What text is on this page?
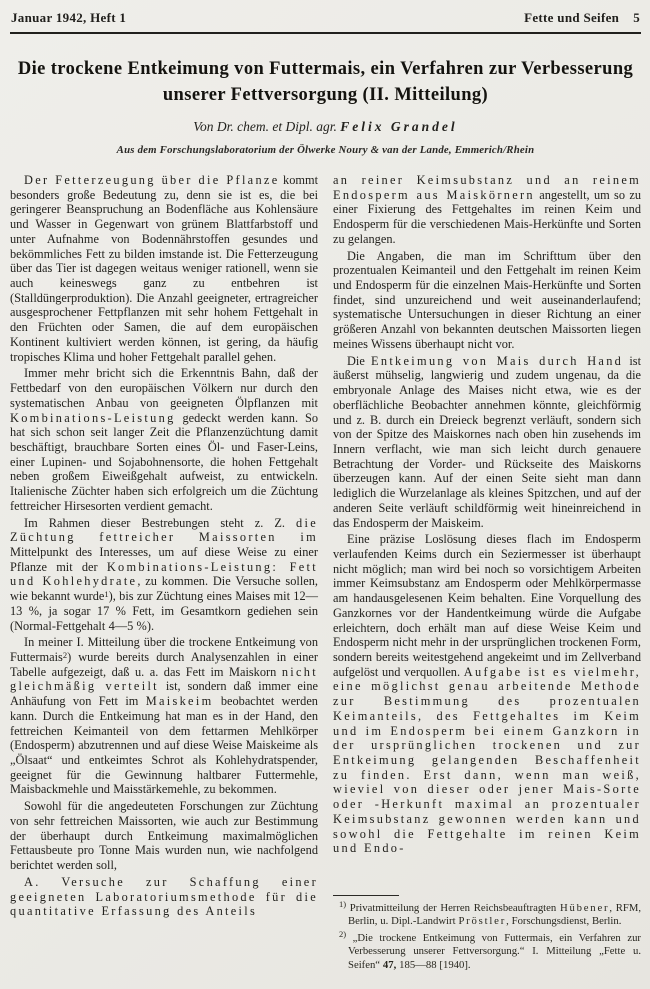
Januar 1942, Heft 1	Fette und Seifen 5
Die trockene Entkeimung von Futtermais, ein Verfahren zur Verbesserung
unserer Fettversorgung (II. Mitteilung)
Von Dr. chem. et Dipl. agr. Felix Grandel
Aus dem Forschungslaboratorium der Ölwerke Noury & van der Lande, Emmerich/Rhein

Der Fetterzeugung über die Pflanze kommt besonders große Bedeutung zu, denn sie ist es, die bei geringerer Beanspruchung an Bodenfläche aus Kohlensäure und Wasser in Gegenwart von grünem Blattfarbstoff und unter Aufnahme von Bodennährstoffen gesundes und bekömmliches Fett zu bilden imstande ist. Die Fetterzeugung über das Tier ist dagegen weitaus weniger rationell, wenn sie auch keineswegs ganz zu entbehren ist (Stalldüngerproduktion). Die Anzahl geeigneter, ertragreicher ausgesprochener Fettpflanzen mit sehr hohem Fettgehalt in den Früchten oder Samen, die auf dem europäischen Kontinent kultiviert werden können, ist gering, da häufig tropisches Klima und hoher Fettgehalt parallel gehen.

Immer mehr bricht sich die Erkenntnis Bahn, daß der Fettbedarf von den europäischen Völkern nur durch den systematischen Anbau von geeigneten Ölpflanzen mit Kombinations-Leistung gedeckt werden kann. So hat sich schon seit langer Zeit die Pflanzenzüchtung damit beschäftigt, brauchbare Sorten eines Öl- und Faser-Leins, einer Lupinen- und Sojabohnensorte, die hohen Fettgehalt neben großem Eiweißgehalt aufweist, zu entwickeln. Italienische Züchter haben sich erfolgreich um die Züchtung fettreicher Hirsesorten verdient gemacht.

Im Rahmen dieser Bestrebungen steht z. Z. die Züchtung fettreicher Maissorten im Mittelpunkt des Interesses, um auf diese Weise zu einer Pflanze mit der Kombinations-Leistung: Fett und Kohlehydrate, zu kommen. Die Versuche sollen, wie bekannt wurde$^1$), bis zur Züchtung eines Maises mit 12—13 %, ja sogar 17 % Fett, im Gesamtkorn gediehen sein (Normal-Fettgehalt 4—5 %).

In meiner I. Mitteilung über die trockene Entkeimung von Futtermais$^2$) wurde bereits durch Analysenzahlen in einer Tabelle aufgezeigt, daß u. a. das Fett im Maiskorn nicht gleichmäßig verteilt ist, sondern daß immer eine Anhäufung von Fett im Maiskeim beobachtet werden kann. Durch die Entkeimung hat man es in der Hand, den fettreichen Keimanteil von dem fettarmen Mehlkörper (Endosperm) abzutrennen und auf diese Weise Maiskeime als „Ölsaat“ und entkeimtes Schrot als Kohlehydratspender, geeignet für die Gewinnung haltbarer Futtermehle, Maisbackmehle und Maisstärkemehle, zu bekommen.

Sowohl für die angedeuteten Forschungen zur Züchtung von sehr fettreichen Maissorten, wie auch zur Bestimmung der überhaupt durch Entkeimung maximalmöglichen Fettausbeute pro Tonne Mais wurden nun, wie nachfolgend berichtet werden soll,

A. Versuche zur Schaffung einer geeigneten Laboratoriumsmethode für die quantitative Erfassung des Anteils

an reiner Keimsubstanz und an reinem Endosperm aus Maiskörnern angestellt, um so zu einer Fixierung des Fettgehaltes im reinen Keim und Endosperm für die verschiedenen Mais-Herkünfte und Sorten zu gelangen.

Die Angaben, die man im Schrifttum über den prozentualen Keimanteil und den Fettgehalt im reinen Keim und Endosperm für die einzelnen Mais-Herkünfte und Sorten findet, sind unzureichend und weit auseinanderlaufend; systematische Untersuchungen in dieser Richtung an einer größeren Anzahl von bekannten deutschen Maissorten liegen meines Wissens überhaupt nicht vor.

Die Entkeimung von Mais durch Hand ist äußerst mühselig, langwierig und zudem ungenau, da die embryonale Anlage des Maises nicht etwa, wie es der oberflächliche Beobachter annehmen könnte, gleichförmig und z. B. durch ein Dreieck begrenzt verläuft, sondern sich von der Spitze des Maiskornes nach oben hin zusehends im Innern verflacht, wie man sich leicht durch genauere Betrachtung der Vorder- und Rückseite des Maiskorns überzeugen kann. Auf der einen Seite sieht man dann lediglich die Wurzelanlage als kleines Spitzchen, und auf der anderen Seite verläuft schildförmig weit hineinreichend in das Endosperm der Maiskeim.

Eine präzise Loslösung dieses flach im Endosperm verlaufenden Keims durch ein Seziermesser ist überhaupt nicht möglich; man wird bei noch so vorsichtigem Arbeiten immer Keimsubstanz am Endosperm oder Mehlkörpermasse am handausgelesenen Keim behalten. Eine Vorquellung des Ganzkornes vor der Handentkeimung würde die Aufgabe erleichtern, doch erhält man auf diese Weise Keim und Endosperm nicht mehr in der ursprünglichen trockenen Form, sondern bereits weitestgehend angekeimt und im Zellverband aufgelöst und verquollen. Aufgabe ist es vielmehr, eine möglichst genau arbeitende Methode zur Bestimmung des prozentualen Keimanteils, des Fettgehaltes im Keim und im Endosperm bei einem Ganzkorn in der ursprünglichen trockenen und zur Entkeimung gelangenden Beschaffenheit zu finden. Erst dann, wenn man weiß, wieviel von dieser oder jener Mais-Sorte oder -Herkunft maximal an prozentualer Keimsubstanz gewonnen werden kann und sowohl die Fettgehalte im reinen Keim und Endo-

$^{1)}$ Privatmitteilung der Herren Reichsbeauftragten Hübener, RFM, Berlin, u. Dipl.-Landwirt Pröstler, Forschungsdienst, Berlin.

$^{2)}$ „Die trockene Entkeimung von Futtermais, ein Verfahren zur Verbesserung unserer Fettversorgung.“ I. Mitteilung „Fette u. Seifen“ 47, 185—88 [1940].
